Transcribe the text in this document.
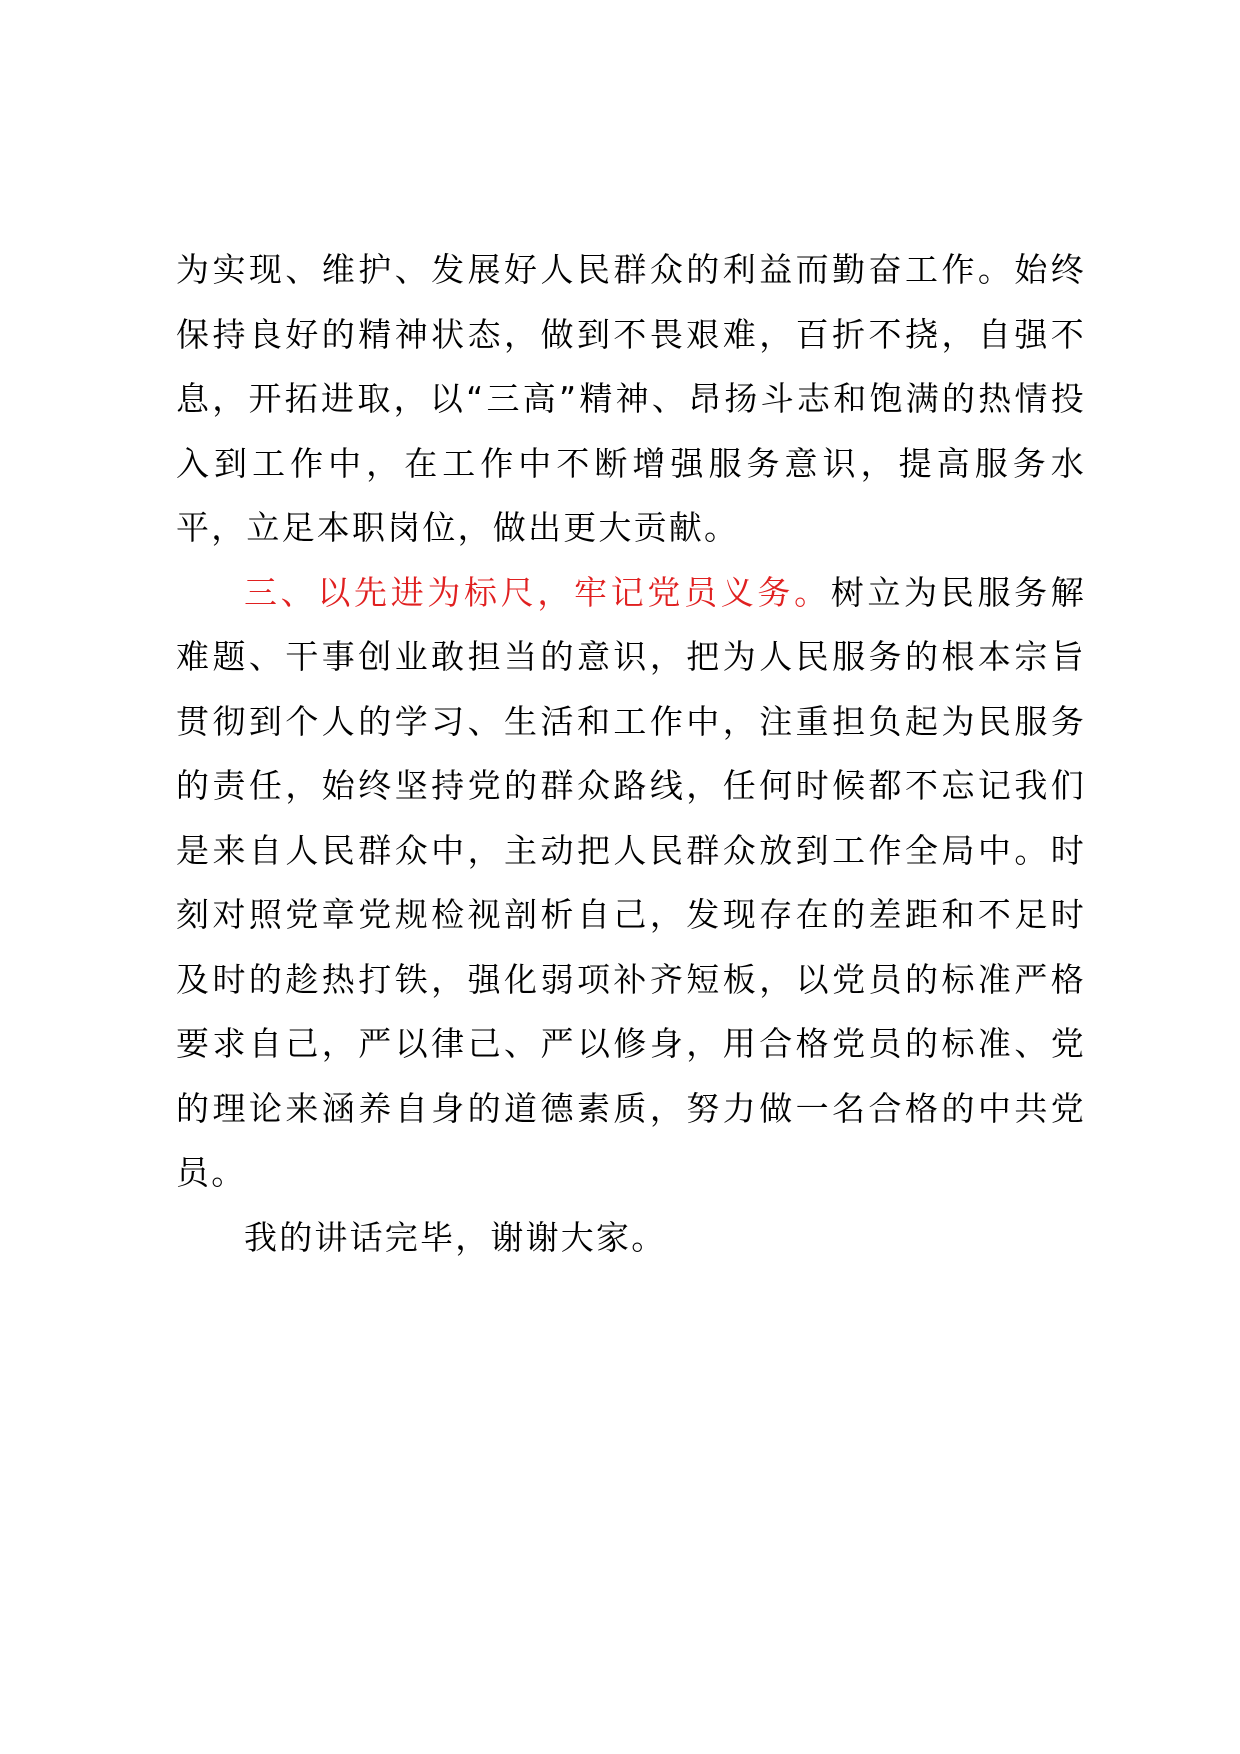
为实现、维护、发展好人民群众的利益而勤奋工作。始终保持良好的精神状态，做到不畏艰难，百折不挠，自强不息，开拓进取，以“三高”精神、昂扬斗志和饱满的热情投入到工作中，在工作中不断增强服务意识，提高服务水平，立足本职岗位，做出更大贡献。

三、以先进为标尺，牢记党员义务。树立为民服务解难题、干事创业敢担当的意识，把为人民服务的根本宗旨贯彻到个人的学习、生活和工作中，注重担负起为民服务的责任，始终坚持党的群众路线，任何时候都不忘记我们是来自人民群众中，主动把人民群众放到工作全局中。时刻对照党章党规检视剖析自己，发现存在的差距和不足时及时的趁热打铁，强化弱项补齐短板，以党员的标准严格要求自己，严以律己、严以修身，用合格党员的标准、党的理论来涵养自身的道德素质，努力做一名合格的中共党员。

我的讲话完毕，谢谢大家。
